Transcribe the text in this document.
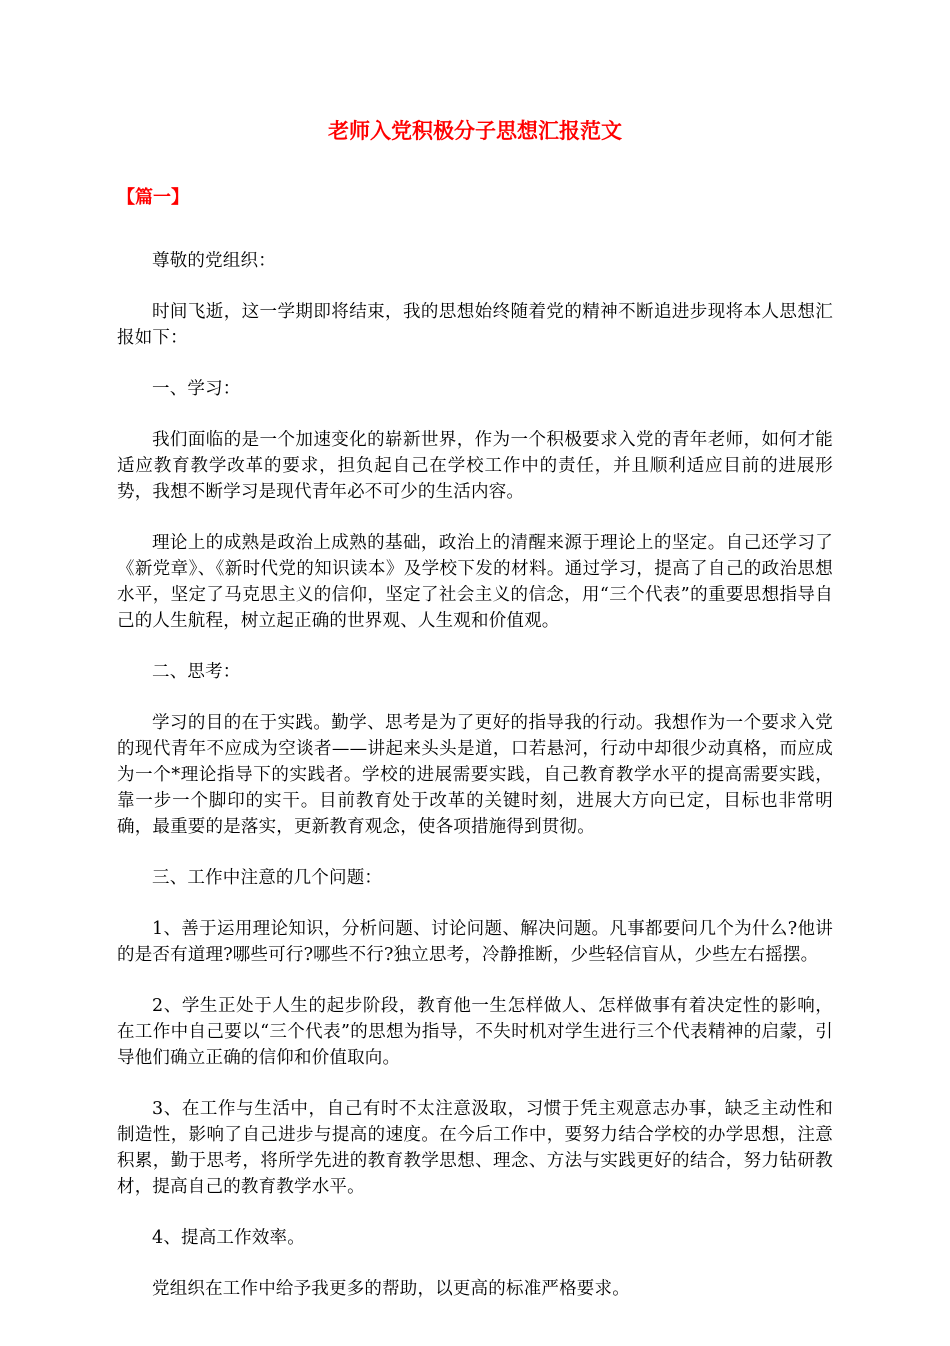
老师入党积极分子思想汇报范文
【篇一】

尊敬的党组织：

时间飞逝，这一学期即将结束，我的思想始终随着党的精神不断追进步现将本人思想汇报如下：

一、学习：

我们面临的是一个加速变化的崭新世界，作为一个积极要求入党的青年老师，如何才能适应教育教学改革的要求，担负起自己在学校工作中的责任，并且顺利适应目前的进展形势，我想不断学习是现代青年必不可少的生活内容。

理论上的成熟是政治上成熟的基础，政治上的清醒来源于理论上的坚定。自己还学习了《新党章》、《新时代党的知识读本》及学校下发的材料。通过学习，提高了自己的政治思想水平，坚定了马克思主义的信仰，坚定了社会主义的信念，用“三个代表”的重要思想指导自己的人生航程，树立起正确的世界观、人生观和价值观。

二、思考：

学习的目的在于实践。勤学、思考是为了更好的指导我的行动。我想作为一个要求入党的现代青年不应成为空谈者——讲起来头头是道，口若悬河，行动中却很少动真格，而应成为一个*理论指导下的实践者。学校的进展需要实践，自己教育教学水平的提高需要实践，靠一步一个脚印的实干。目前教育处于改革的关键时刻，进展大方向已定，目标也非常明确，最重要的是落实，更新教育观念，使各项措施得到贯彻。

三、工作中注意的几个问题：

1、善于运用理论知识，分析问题、讨论问题、解决问题。凡事都要问几个为什么?他讲的是否有道理?哪些可行?哪些不行?独立思考，冷静推断，少些轻信盲从，少些左右摇摆。

2、学生正处于人生的起步阶段，教育他一生怎样做人、怎样做事有着决定性的影响，在工作中自己要以“三个代表”的思想为指导，不失时机对学生进行三个代表精神的启蒙，引导他们确立正确的信仰和价值取向。

3、在工作与生活中，自己有时不太注意汲取，习惯于凭主观意志办事，缺乏主动性和制造性，影响了自己进步与提高的速度。在今后工作中，要努力结合学校的办学思想，注意积累，勤于思考，将所学先进的教育教学思想、理念、方法与实践更好的结合，努力钻研教材，提高自己的教育教学水平。

4、提高工作效率。

党组织在工作中给予我更多的帮助，以更高的标准严格要求。
